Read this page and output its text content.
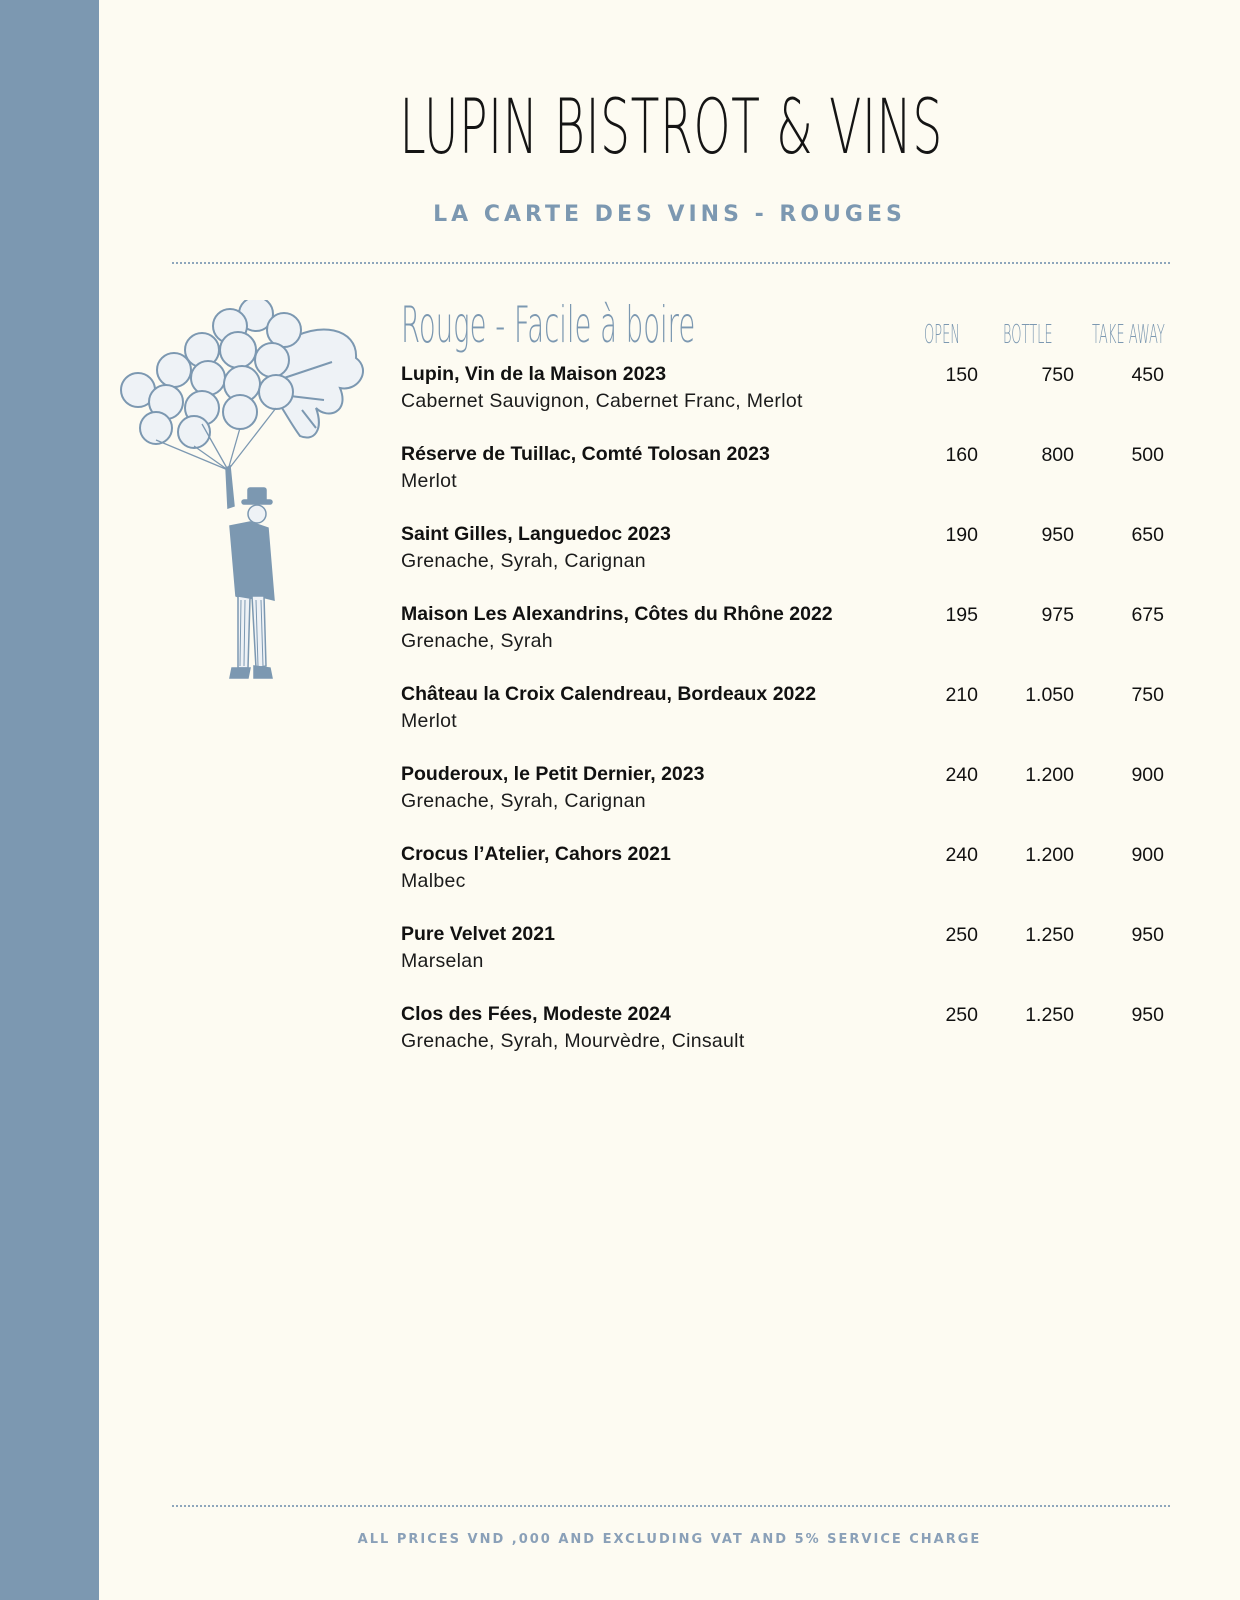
LUPIN BISTROT & VINS
LA CARTE DES VINS - ROUGES
Rouge - Facile à boire	OPEN BOTTLE TAKE AWAY
Lupin, Vin de la Maison 2023
Cabernet Sauvignon, Cabernet Franc, Merlot
150	750	450
Réserve de Tuillac, Comté Tolosan 2023
Merlot
160	800	500
Saint Gilles, Languedoc 2023
Grenache, Syrah, Carignan
190	950	650
Maison Les Alexandrins, Côtes du Rhône 2022
Grenache, Syrah
195	975	675
Château la Croix Calendreau, Bordeaux 2022
Merlot
210	1.050	750
Pouderoux, le Petit Dernier, 2023
Grenache, Syrah, Carignan
240	1.200	900
Crocus l’Atelier, Cahors 2021
Malbec
240	1.200	900
Pure Velvet 2021
Marselan
250	1.250	950
Clos des Fées, Modeste 2024
Grenache, Syrah, Mourvèdre, Cinsault
250	1.250	950
ALL PRICES VND ,000 AND EXCLUDING VAT AND 5% SERVICE CHARGE
